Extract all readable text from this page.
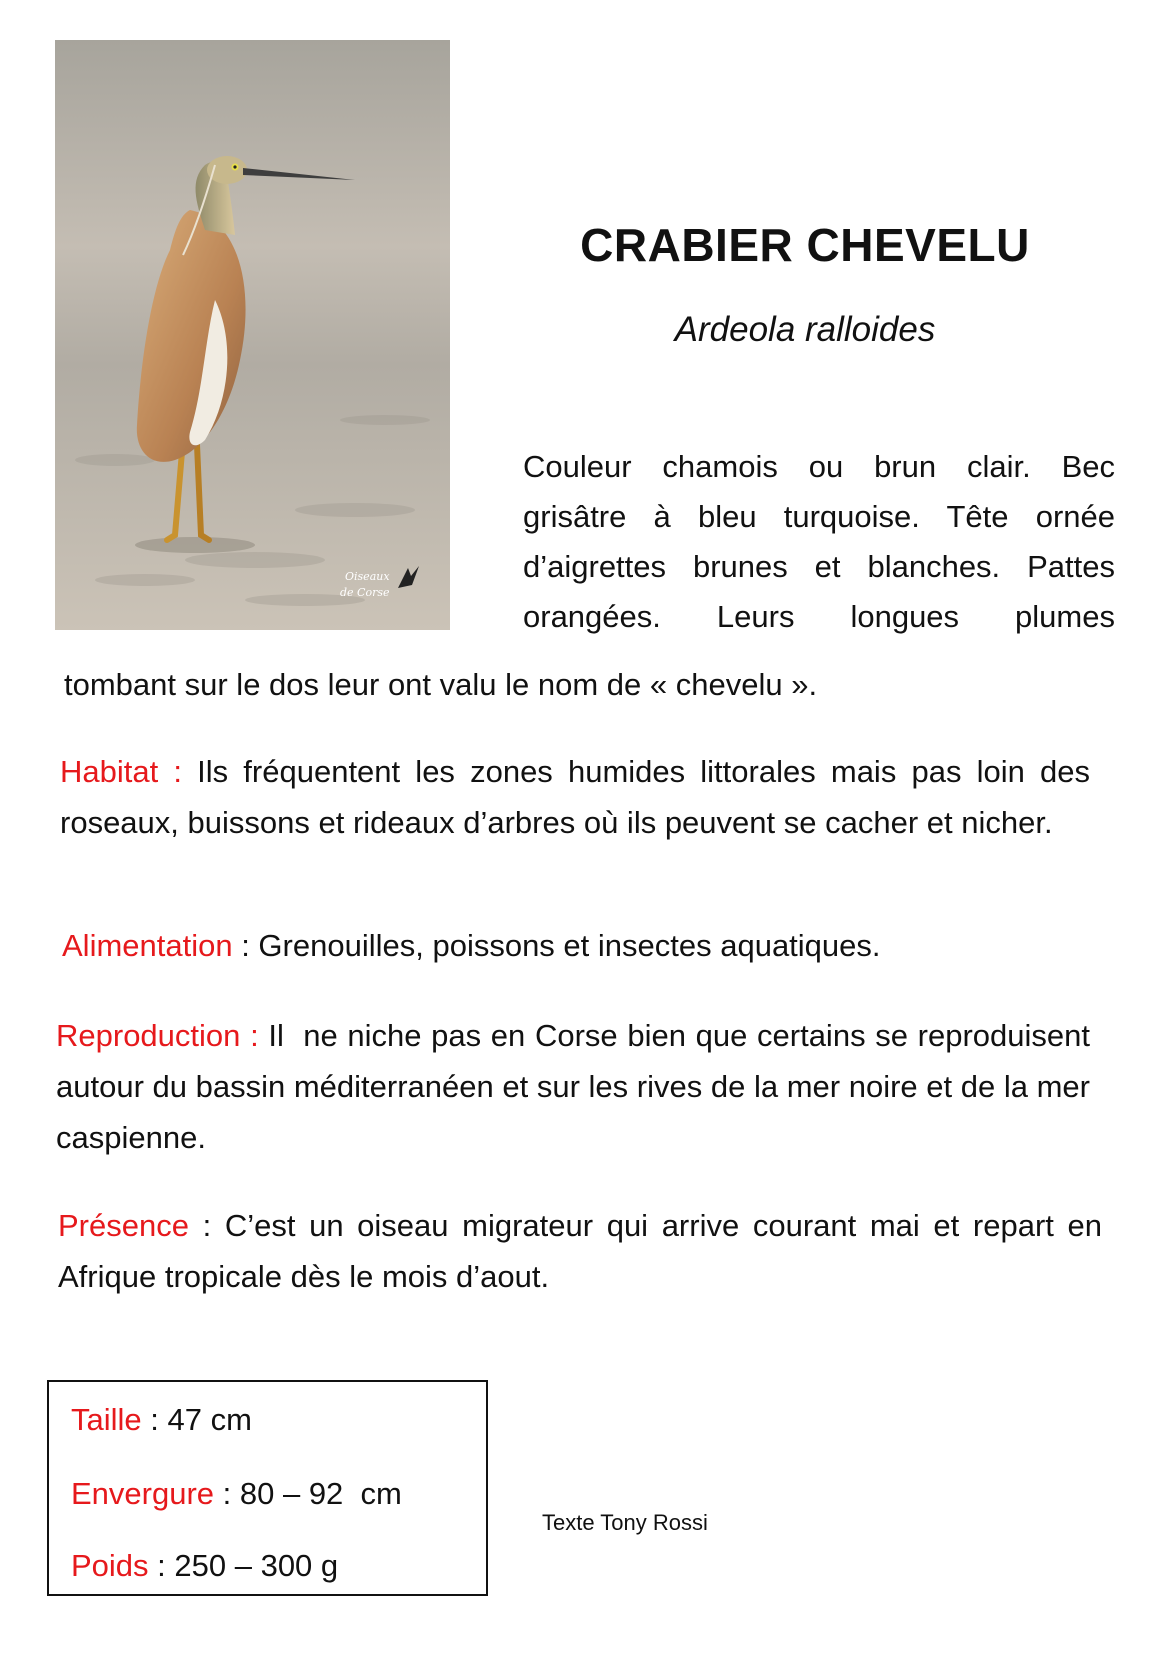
Oiseaux
de Corse
CRABIER CHEVELU
Ardeola ralloides
Couleur chamois ou brun clair. Bec grisâtre à bleu turquoise. Tête ornée d’aigrettes brunes et blanches. Pattes orangées. Leurs longues plumes
tombant sur le dos leur ont valu le nom de « chevelu ».
Habitat : Ils fréquentent les zones humides littorales mais pas loin des roseaux, buissons et rideaux d’arbres où ils peuvent se cacher et nicher.
Alimentation : Grenouilles, poissons et insectes aquatiques.
Reproduction : Il  ne niche pas en Corse bien que certains se reproduisent autour du bassin méditerranéen et sur les rives de la mer noire et de la mer caspienne.
Présence : C’est un oiseau migrateur qui arrive courant mai et repart en Afrique tropicale dès le mois d’aout.
Taille : 47 cm
Envergure : 80 – 92  cm
Poids : 250 – 300 g
Texte Tony Rossi
